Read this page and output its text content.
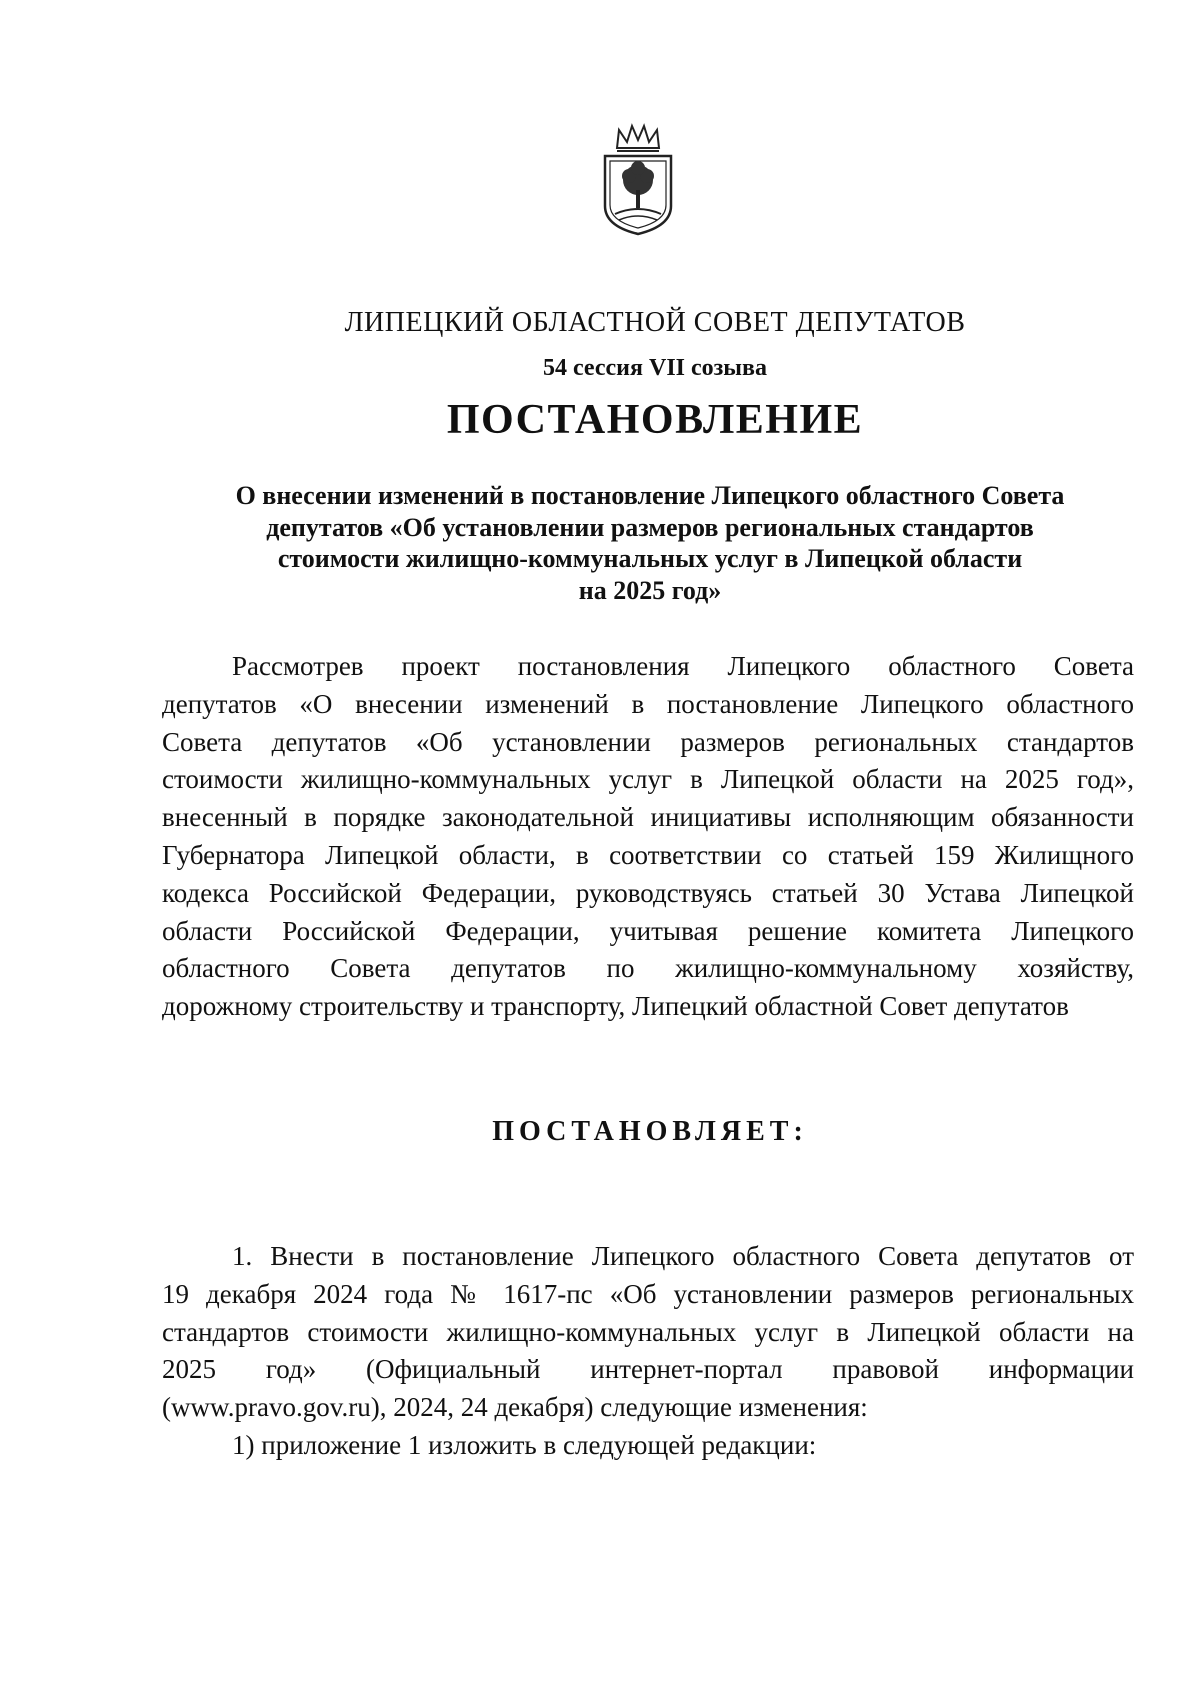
ЛИПЕЦКИЙ ОБЛАСТНОЙ СОВЕТ ДЕПУТАТОВ
54 сессия VII созыва
ПОСТАНОВЛЕНИЕ
О внесении изменений в постановление Липецкого областного Совета
депутатов «Об установлении размеров региональных стандартов
стоимости жилищно-коммунальных услуг в Липецкой области
на 2025 год»
Рассмотрев проект постановления Липецкого областного Совета
депутатов «О внесении изменений в постановление Липецкого областного
Совета депутатов «Об установлении размеров региональных стандартов
стоимости жилищно-коммунальных услуг в Липецкой области на 2025 год»,
внесенный в порядке законодательной инициативы исполняющим обязанности
Губернатора Липецкой области, в соответствии со статьей 159 Жилищного
кодекса Российской Федерации, руководствуясь статьей 30 Устава Липецкой
области Российской Федерации, учитывая решение комитета Липецкого
областного Совета депутатов по жилищно-коммунальному хозяйству,
дорожному строительству и транспорту, Липецкий областной Совет депутатов
ПОСТАНОВЛЯЕТ:
1. Внести в постановление Липецкого областного Совета депутатов от
19 декабря 2024 года № 1617-пс «Об установлении размеров региональных
стандартов стоимости жилищно-коммунальных услуг в Липецкой области на
2025 год» (Официальный интернет-портал правовой информации
(www.pravo.gov.ru), 2024, 24 декабря) следующие изменения:
1) приложение 1 изложить в следующей редакции:
